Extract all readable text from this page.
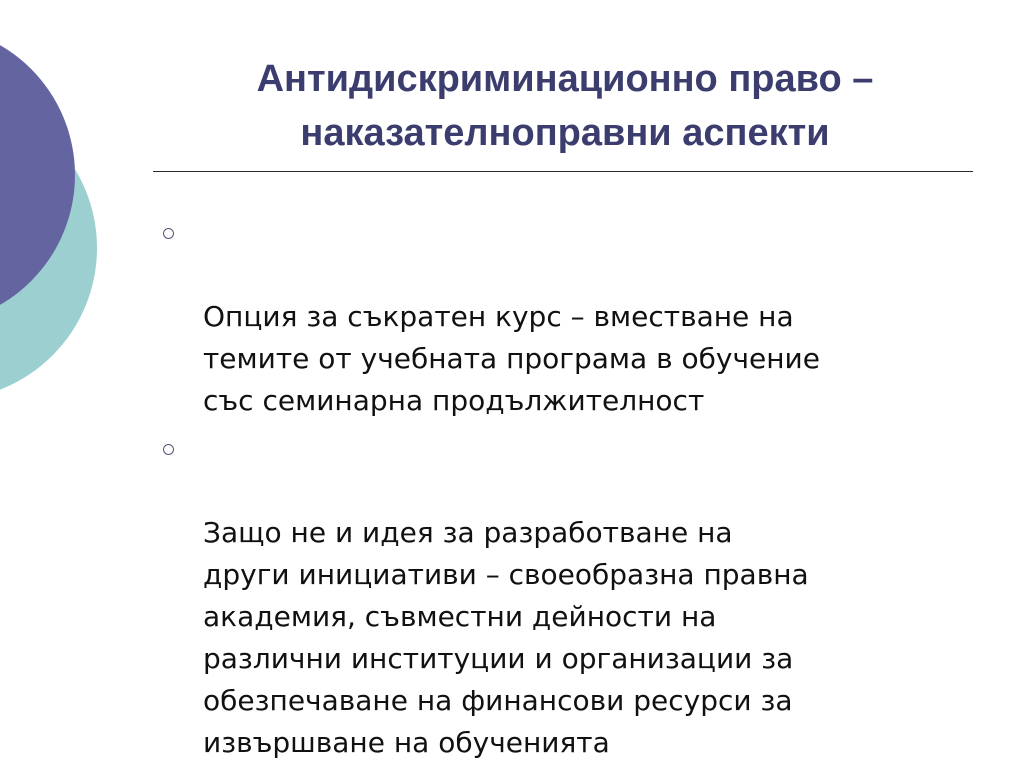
Антидискриминационно право –
наказателноправни аспекти

Опция за съкратен курс – вместване на
темите от учебната програма в обучение
със семинарна продължителност

Защо не и идея за разработване на
други инициативи – своеобразна правна
академия, съвместни дейности на
различни институции и организации за
обезпечаване на финансови ресурси за
извършване на обученията
